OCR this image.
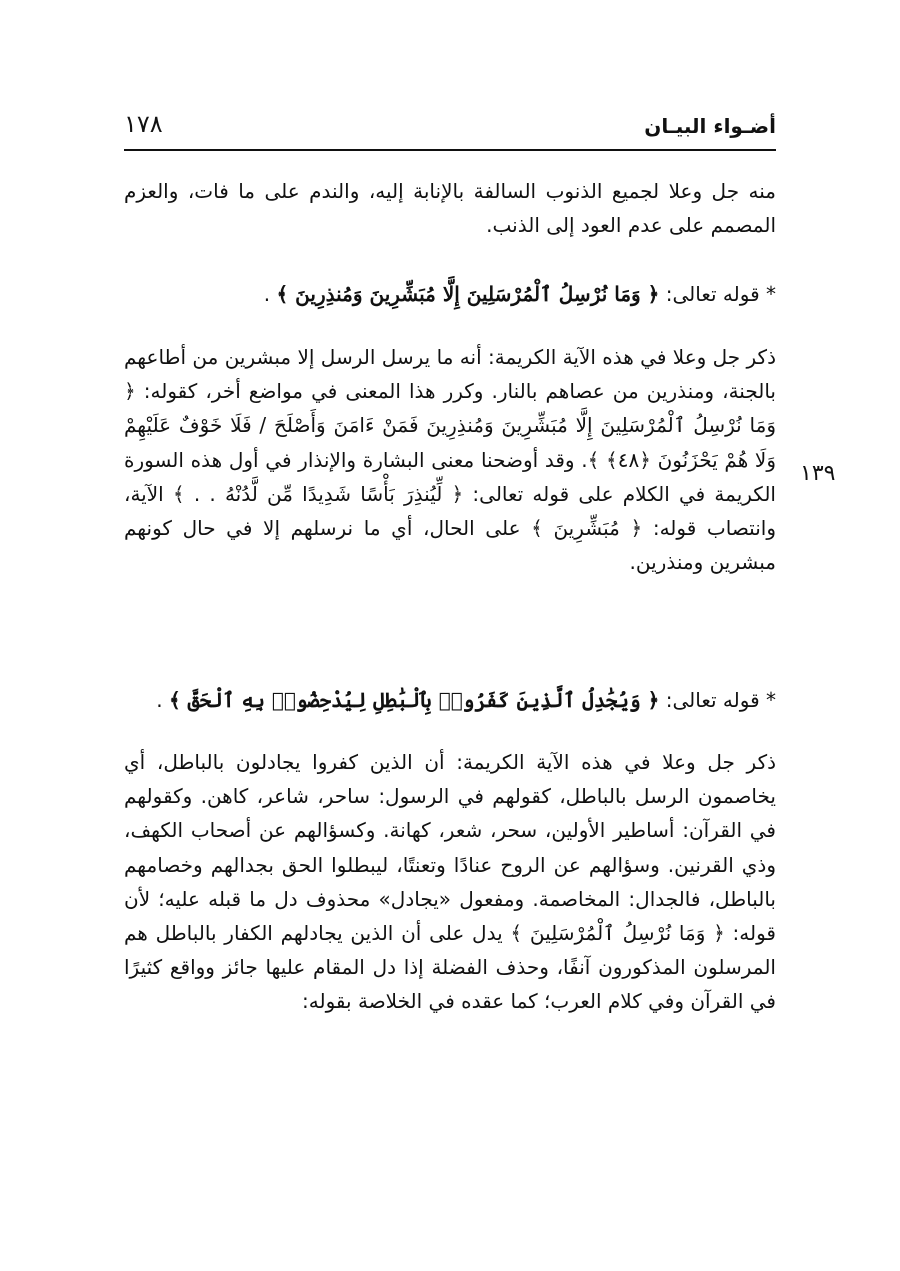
١٧٨	أضـواء البيـان
١٣٩

منه جل وعلا لجميع الذنوب السالفة بالإنابة إليه، والندم على ما فات، والعزم المصمم على عدم العود إلى الذنب.

* قوله تعالى: ﴿ وَمَا نُرْسِلُ ٱلْمُرْسَلِينَ إِلَّا مُبَشِّرِينَ وَمُنذِرِينَ ﴾ .

ذكر جل وعلا في هذه الآية الكريمة: أنه ما يرسل الرسل إلا مبشرين من أطاعهم بالجنة، ومنذرين من عصاهم بالنار. وكرر هذا المعنى في مواضع أخر، كقوله: ﴿ وَمَا نُرْسِلُ ٱلْمُرْسَلِينَ إِلَّا مُبَشِّرِينَ وَمُنذِرِينَ فَمَنْ ءَامَنَ وَأَصْلَحَ / فَلَا خَوْفٌ عَلَيْهِمْ وَلَا هُمْ يَحْزَنُونَ ﴿٤٨﴾ ﴾. وقد أوضحنا معنى البشارة والإنذار في أول هذه السورة الكريمة في الكلام على قوله تعالى: ﴿ لِّيُنذِرَ بَأْسًا شَدِيدًا مِّن لَّدُنْهُ . . ﴾ الآية، وانتصاب قوله: ﴿ مُبَشِّرِينَ ﴾ على الحال، أي ما نرسلهم إلا في حال كونهم مبشرين ومنذرين.

* قوله تعالى: ﴿ وَيُجَٰدِلُ ٱلَّذِينَ كَفَرُوا۟ بِٱلْبَٰطِلِ لِيُدْحِضُوا۟ بِهِ ٱلْحَقَّ ﴾ .

ذكر جل وعلا في هذه الآية الكريمة: أن الذين كفروا يجادلون بالباطل، أي يخاصمون الرسل بالباطل، كقولهم في الرسول: ساحر، شاعر، كاهن. وكقولهم في القرآن: أساطير الأولين، سحر، شعر، كهانة. وكسؤالهم عن أصحاب الكهف، وذي القرنين. وسؤالهم عن الروح عنادًا وتعنتًا، ليبطلوا الحق بجدالهم وخصامهم بالباطل، فالجدال: المخاصمة. ومفعول «يجادل» محذوف دل ما قبله عليه؛ لأن قوله: ﴿ وَمَا نُرْسِلُ ٱلْمُرْسَلِينَ ﴾ يدل على أن الذين يجادلهم الكفار بالباطل هم المرسلون المذكورون آنفًا، وحذف الفضلة إذا دل المقام عليها جائز وواقع كثيرًا في القرآن وفي كلام العرب؛ كما عقده في الخلاصة بقوله:
